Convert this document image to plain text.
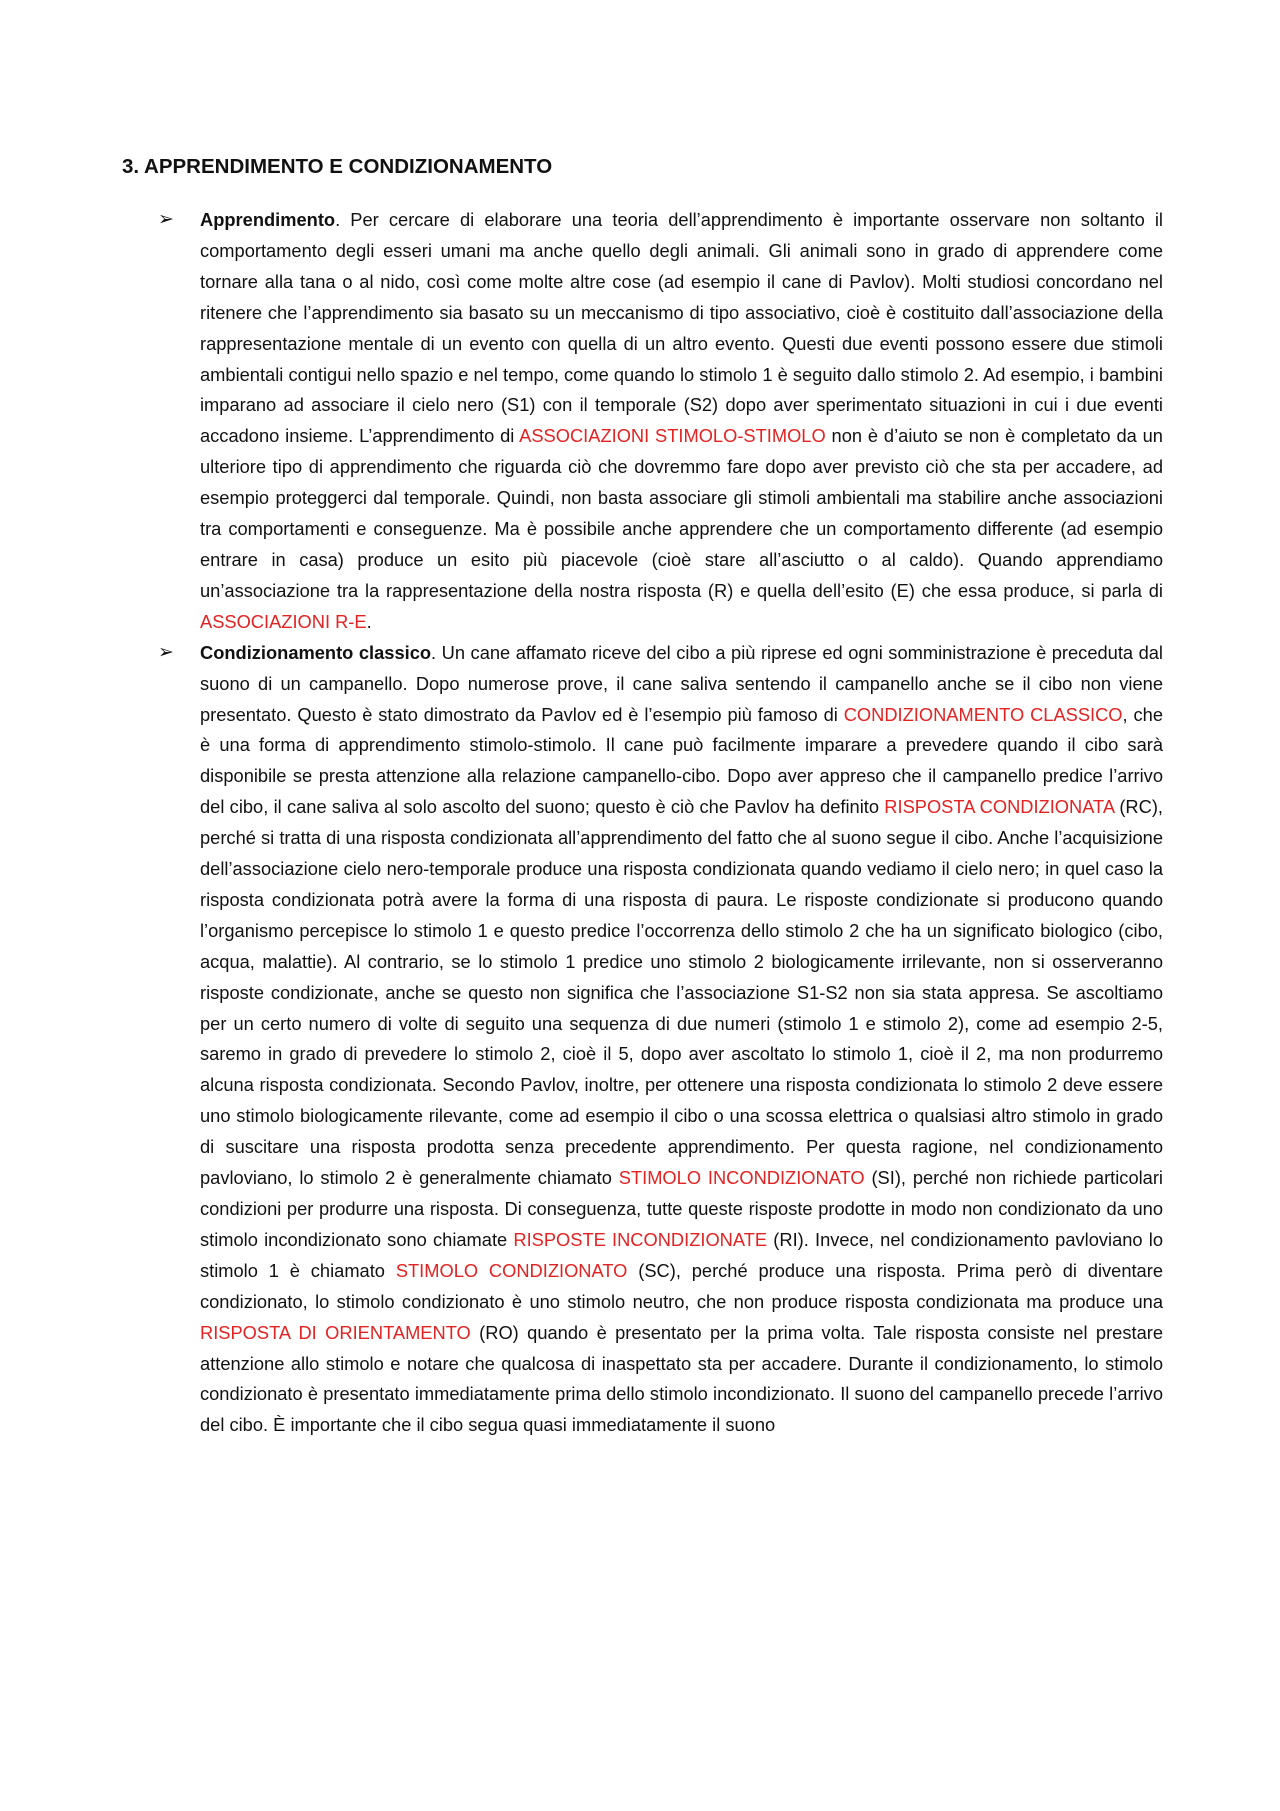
3. APPRENDIMENTO E CONDIZIONAMENTO
➢	Apprendimento. Per cercare di elaborare una teoria dell’apprendimento è importante osservare non soltanto il comportamento degli esseri umani ma anche quello degli animali. Gli animali sono in grado di apprendere come tornare alla tana o al nido, così come molte altre cose (ad esempio il cane di Pavlov). Molti studiosi concordano nel ritenere che l’apprendimento sia basato su un meccanismo di tipo associativo, cioè è costituito dall’associazione della rappresentazione mentale di un evento con quella di un altro evento. Questi due eventi possono essere due stimoli ambientali contigui nello spazio e nel tempo, come quando lo stimolo 1 è seguito dallo stimolo 2. Ad esempio, i bambini imparano ad associare il cielo nero (S1) con il temporale (S2) dopo aver sperimentato situazioni in cui i due eventi accadono insieme. L’apprendimento di ASSOCIAZIONI STIMOLO-STIMOLO non è d’aiuto se non è completato da un ulteriore tipo di apprendimento che riguarda ciò che dovremmo fare dopo aver previsto ciò che sta per accadere, ad esempio proteggerci dal temporale. Quindi, non basta associare gli stimoli ambientali ma stabilire anche associazioni tra comportamenti e conseguenze. Ma è possibile anche apprendere che un comportamento differente (ad esempio entrare in casa) produce un esito più piacevole (cioè stare all’asciutto o al caldo). Quando apprendiamo un’associazione tra la rappresentazione della nostra risposta (R) e quella dell’esito (E) che essa produce, si parla di ASSOCIAZIONI R-E.

➢	Condizionamento classico. Un cane affamato riceve del cibo a più riprese ed ogni somministrazione è preceduta dal suono di un campanello. Dopo numerose prove, il cane saliva sentendo il campanello anche se il cibo non viene presentato. Questo è stato dimostrato da Pavlov ed è l’esempio più famoso di CONDIZIONAMENTO CLASSICO, che è una forma di apprendimento stimolo-stimolo. Il cane può facilmente imparare a prevedere quando il cibo sarà disponibile se presta attenzione alla relazione campanello-cibo. Dopo aver appreso che il campanello predice l’arrivo del cibo, il cane saliva al solo ascolto del suono; questo è ciò che Pavlov ha definito RISPOSTA CONDIZIONATA (RC), perché si tratta di una risposta condizionata all’apprendimento del fatto che al suono segue il cibo. Anche l’acquisizione dell’associazione cielo nero-temporale produce una risposta condizionata quando vediamo il cielo nero; in quel caso la risposta condizionata potrà avere la forma di una risposta di paura. Le risposte condizionate si producono quando l’organismo percepisce lo stimolo 1 e questo predice l’occorrenza dello stimolo 2 che ha un significato biologico (cibo, acqua, malattie). Al contrario, se lo stimolo 1 predice uno stimolo 2 biologicamente irrilevante, non si osserveranno risposte condizionate, anche se questo non significa che l’associazione S1-S2 non sia stata appresa. Se ascoltiamo per un certo numero di volte di seguito una sequenza di due numeri (stimolo 1 e stimolo 2), come ad esempio 2-5, saremo in grado di prevedere lo stimolo 2, cioè il 5, dopo aver ascoltato lo stimolo 1, cioè il 2, ma non produrremo alcuna risposta condizionata. Secondo Pavlov, inoltre, per ottenere una risposta condizionata lo stimolo 2 deve essere uno stimolo biologicamente rilevante, come ad esempio il cibo o una scossa elettrica o qualsiasi altro stimolo in grado di suscitare una risposta prodotta senza precedente apprendimento. Per questa ragione, nel condizionamento pavloviano, lo stimolo 2 è generalmente chiamato STIMOLO INCONDIZIONATO (SI), perché non richiede particolari condizioni per produrre una risposta. Di conseguenza, tutte queste risposte prodotte in modo non condizionato da uno stimolo incondizionato sono chiamate RISPOSTE INCONDIZIONATE (RI). Invece, nel condizionamento pavloviano lo stimolo 1 è chiamato STIMOLO CONDIZIONATO (SC), perché produce una risposta. Prima però di diventare condizionato, lo stimolo condizionato è uno stimolo neutro, che non produce risposta condizionata ma produce una RISPOSTA DI ORIENTAMENTO (RO) quando è presentato per la prima volta. Tale risposta consiste nel prestare attenzione allo stimolo e notare che qualcosa di inaspettato sta per accadere. Durante il condizionamento, lo stimolo condizionato è presentato immediatamente prima dello stimolo incondizionato. Il suono del campanello precede l’arrivo del cibo. È importante che il cibo segua quasi immediatamente il suono
